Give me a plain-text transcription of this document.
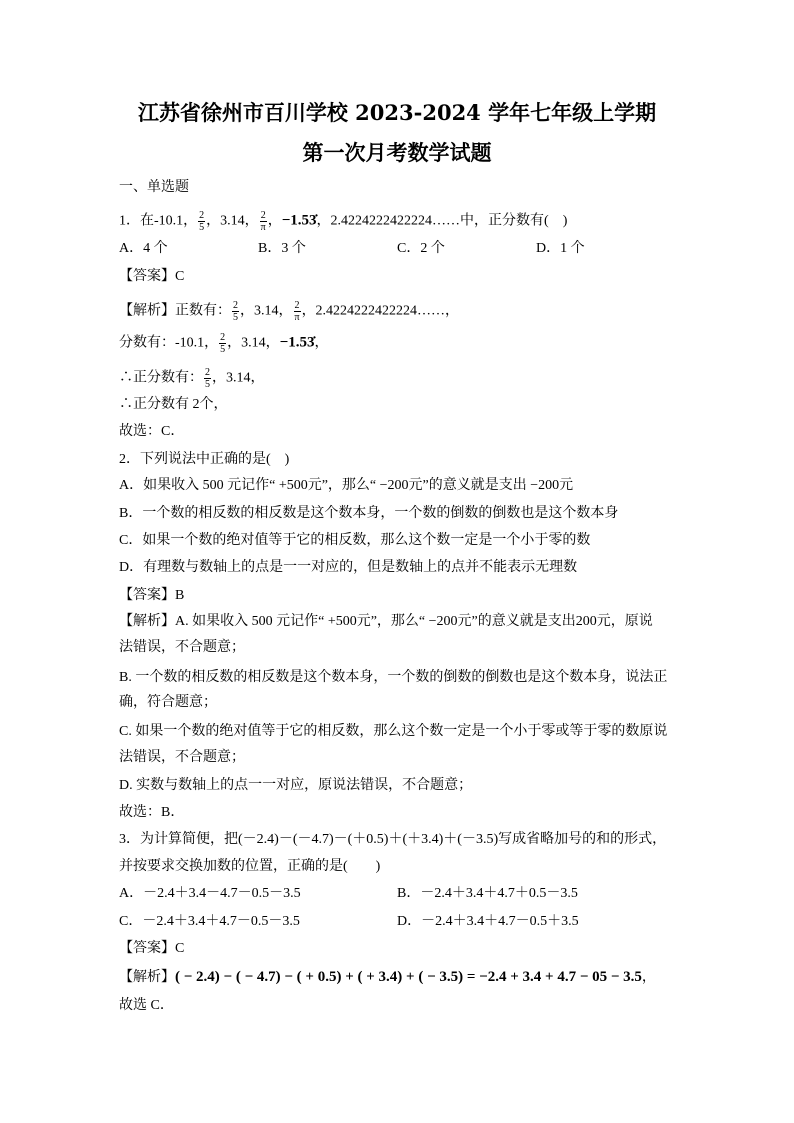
江苏省徐州市百川学校 2023-2024 学年七年级上学期
第一次月考数学试题
一、单选题
1．在-10.1， $\frac{2}{5}$ ，3.14， $\frac{2}{\pi}$ ，−1.53̇，2.4224222422224……中，正分数有(　)
A．4 个	B．3 个	C．2 个	D．1 个
【答案】C
【解析】正数有： $\frac{2}{5}$ ，3.14， $\frac{2}{\pi}$ ，2.4224222422224……，
分数有：-10.1， $\frac{2}{5}$ ，3.14，−1.53̇，
∴正分数有： $\frac{2}{5}$ ，3.14，
∴正分数有 2个，
故选：C．
2．下列说法中正确的是(　)
A．如果收入 500 元记作“ +500元”，那么“ −200元”的意义就是支出 −200元
B．一个数的相反数的相反数是这个数本身，一个数的倒数的倒数也是这个数本身
C．如果一个数的绝对值等于它的相反数，那么这个数一定是一个小于零的数
D．有理数与数轴上的点是一一对应的，但是数轴上的点并不能表示无理数
【答案】B
【解析】A. 如果收入 500 元记作“ +500元”，那么“ −200元”的意义就是支出200元，原说
法错误，不合题意；
B. 一个数的相反数的相反数是这个数本身，一个数的倒数的倒数也是这个数本身，说法正
确，符合题意；
C. 如果一个数的绝对值等于它的相反数，那么这个数一定是一个小于零或等于零的数原说
法错误，不合题意；
D. 实数与数轴上的点一一对应，原说法错误，不合题意；
故选：B．
3．为计算简便，把(－2.4)－(－4.7)－(＋0.5)＋(＋3.4)＋(－3.5)写成省略加号的和的形式，
并按要求交换加数的位置，正确的是(　　)
A．－2.4＋3.4－4.7－0.5－3.5	B．－2.4＋3.4＋4.7＋0.5－3.5
C．－2.4＋3.4＋4.7－0.5－3.5	D．－2.4＋3.4＋4.7－0.5＋3.5
【答案】C
【解析】( − 2.4) − ( − 4.7) − ( + 0.5) + ( + 3.4) + ( − 3.5) = −2.4 + 3.4 + 4.7 − 05 − 3.5，
故选 C．
